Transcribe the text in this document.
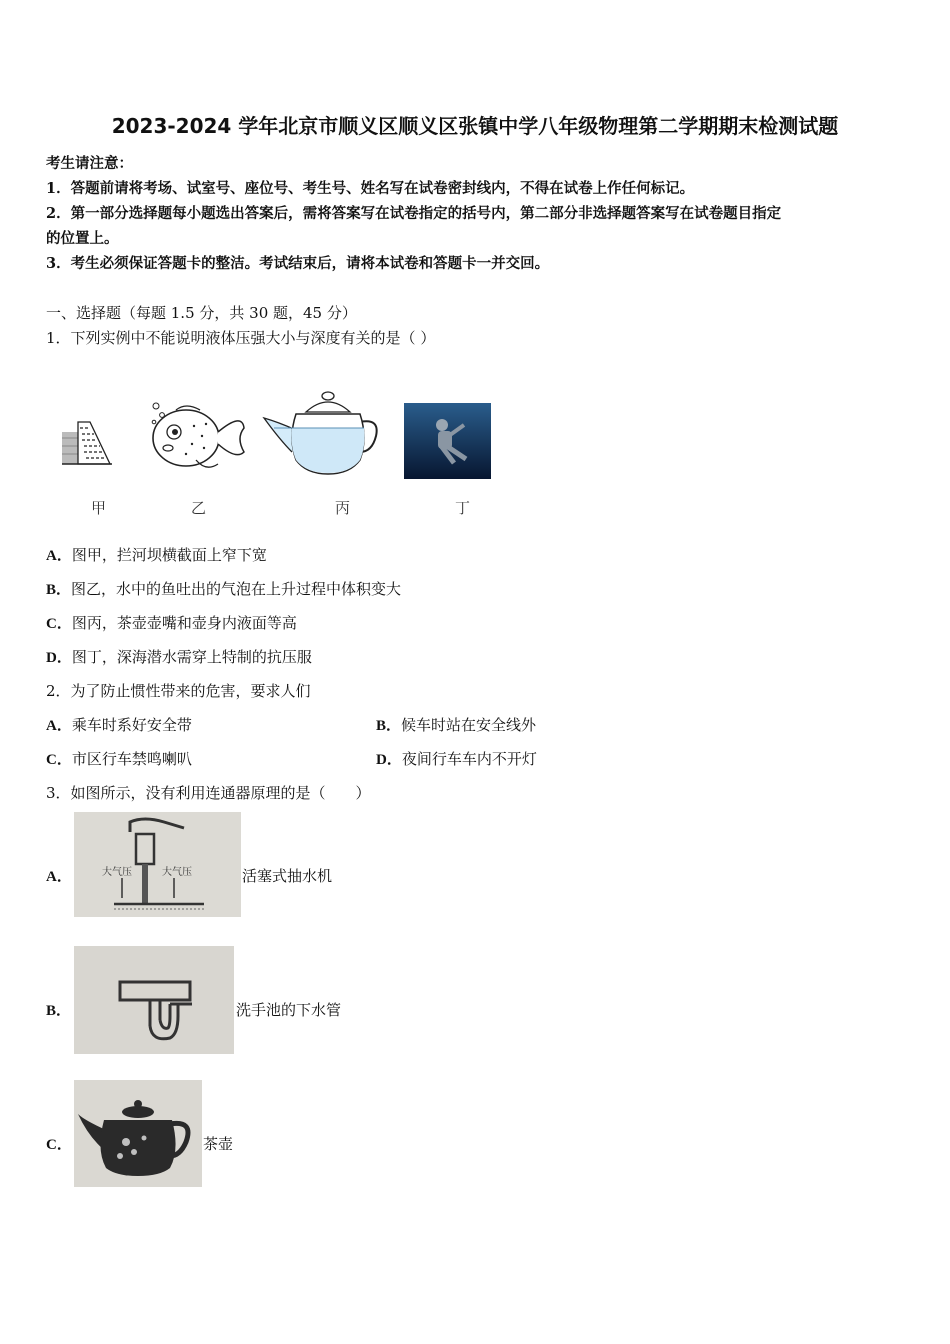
2023-2024 学年北京市顺义区顺义区张镇中学八年级物理第二学期期末检测试题
考生请注意：
1．答题前请将考场、试室号、座位号、考生号、姓名写在试卷密封线内，不得在试卷上作任何标记。
2．第一部分选择题每小题选出答案后，需将答案写在试卷指定的括号内，第二部分非选择题答案写在试卷题目指定
的位置上。
3．考生必须保证答题卡的整洁。考试结束后，请将本试卷和答题卡一并交回。
一、选择题（每题 1.5 分，共 30 题，45 分）
1．下列实例中不能说明液体压强大小与深度有关的是（ ）
甲	乙	丙	丁
A．图甲，拦河坝横截面上窄下宽
B．图乙，水中的鱼吐出的气泡在上升过程中体积变大
C．图丙，茶壶壶嘴和壶身内液面等高
D．图丁，深海潜水需穿上特制的抗压服
2．为了防止惯性带来的危害，要求人们
A．乘车时系好安全带	B．候车时站在安全线外
C．市区行车禁鸣喇叭	D．夜间行车车内不开灯
3．如图所示，没有利用连通器原理的是（　　）
A．	大气压	大气压	活塞式抽水机
B．	洗手池的下水管
C．	茶壶
